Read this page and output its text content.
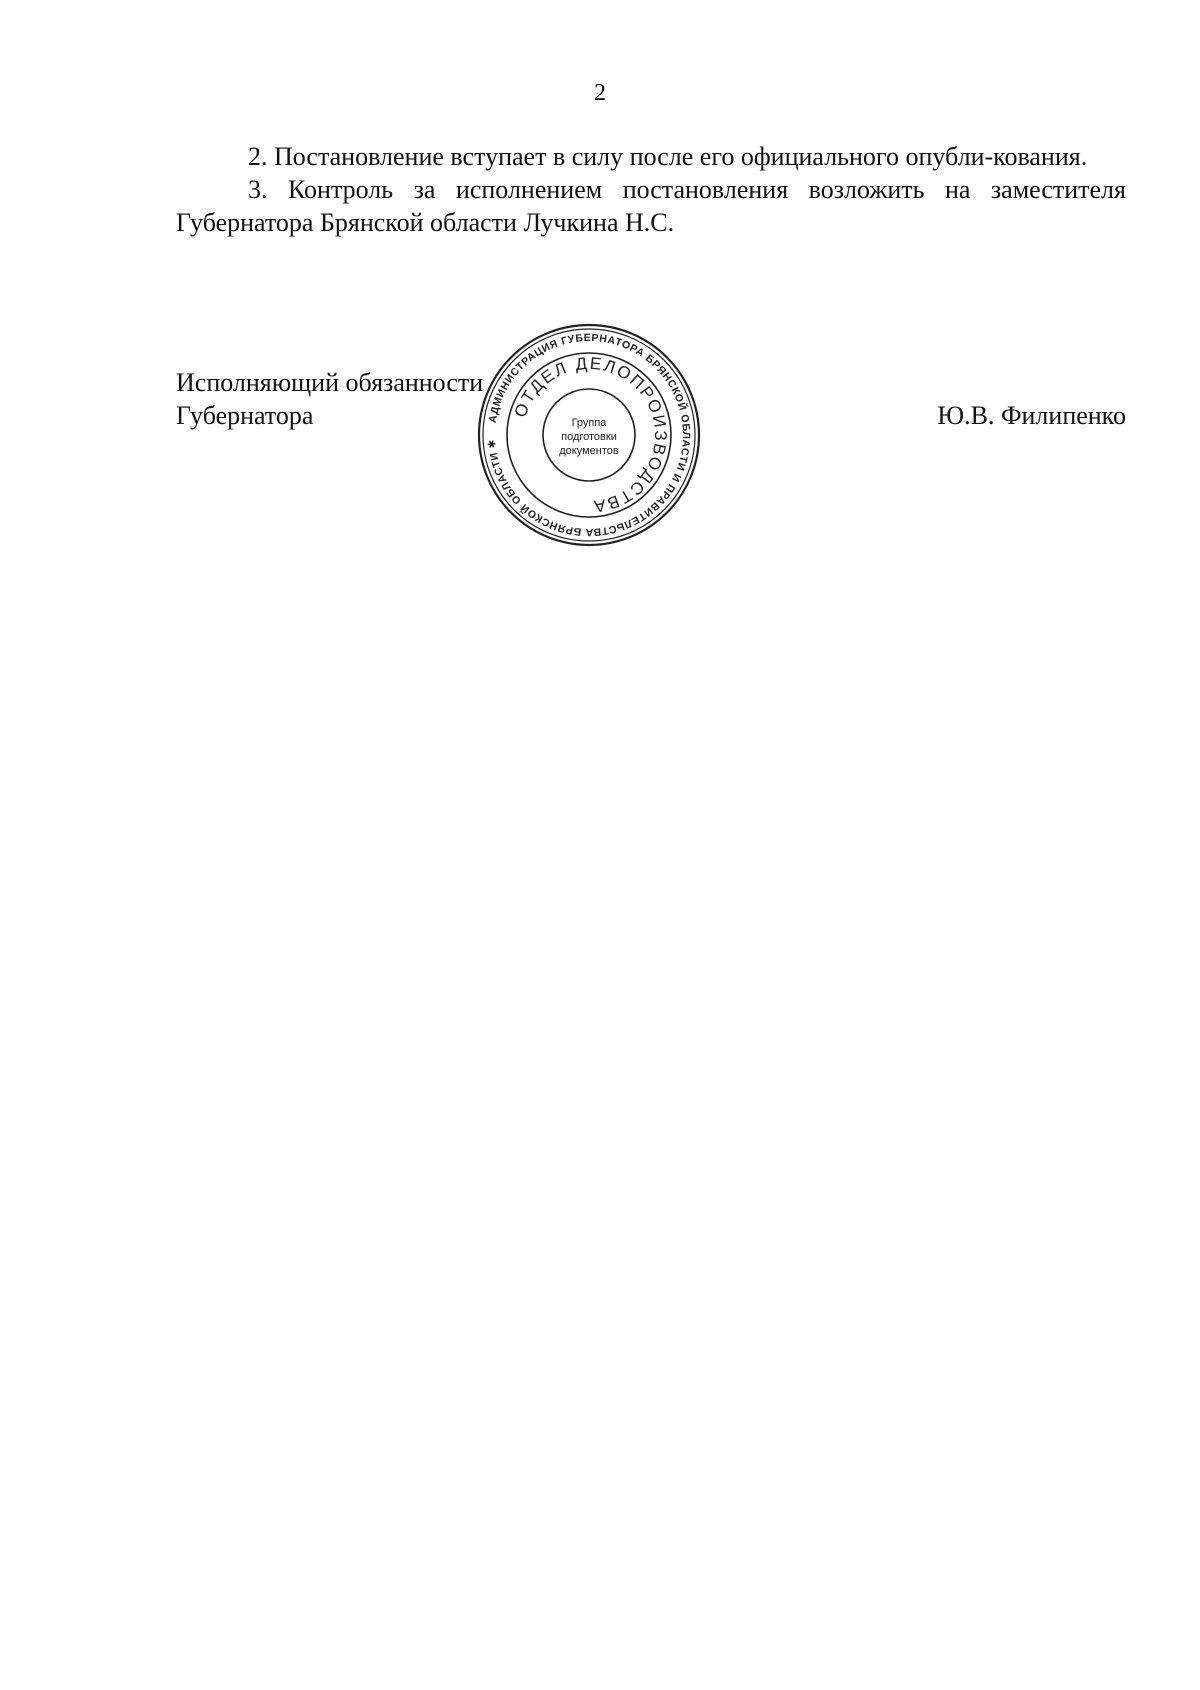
2

2. Постановление вступает в силу после его официального опубли-кования.

3. Контроль за исполнением постановления возложить на заместителя Губернатора Брянской области Лучкина Н.С.

Исполняющий обязанности
Губернатора	Ю.В. Филипенко
АДМИНИСТРАЦИЯ ГУБЕРНАТОРА БРЯНСКОЙ ОБЛАСТИ И ПРАВИТЕЛЬСТВА БРЯНСКОЙ ОБЛАСТИ ✱
ОТДЕЛ ДЕЛОПРОИЗВОДСТВА
Группа
подготовки
документов
